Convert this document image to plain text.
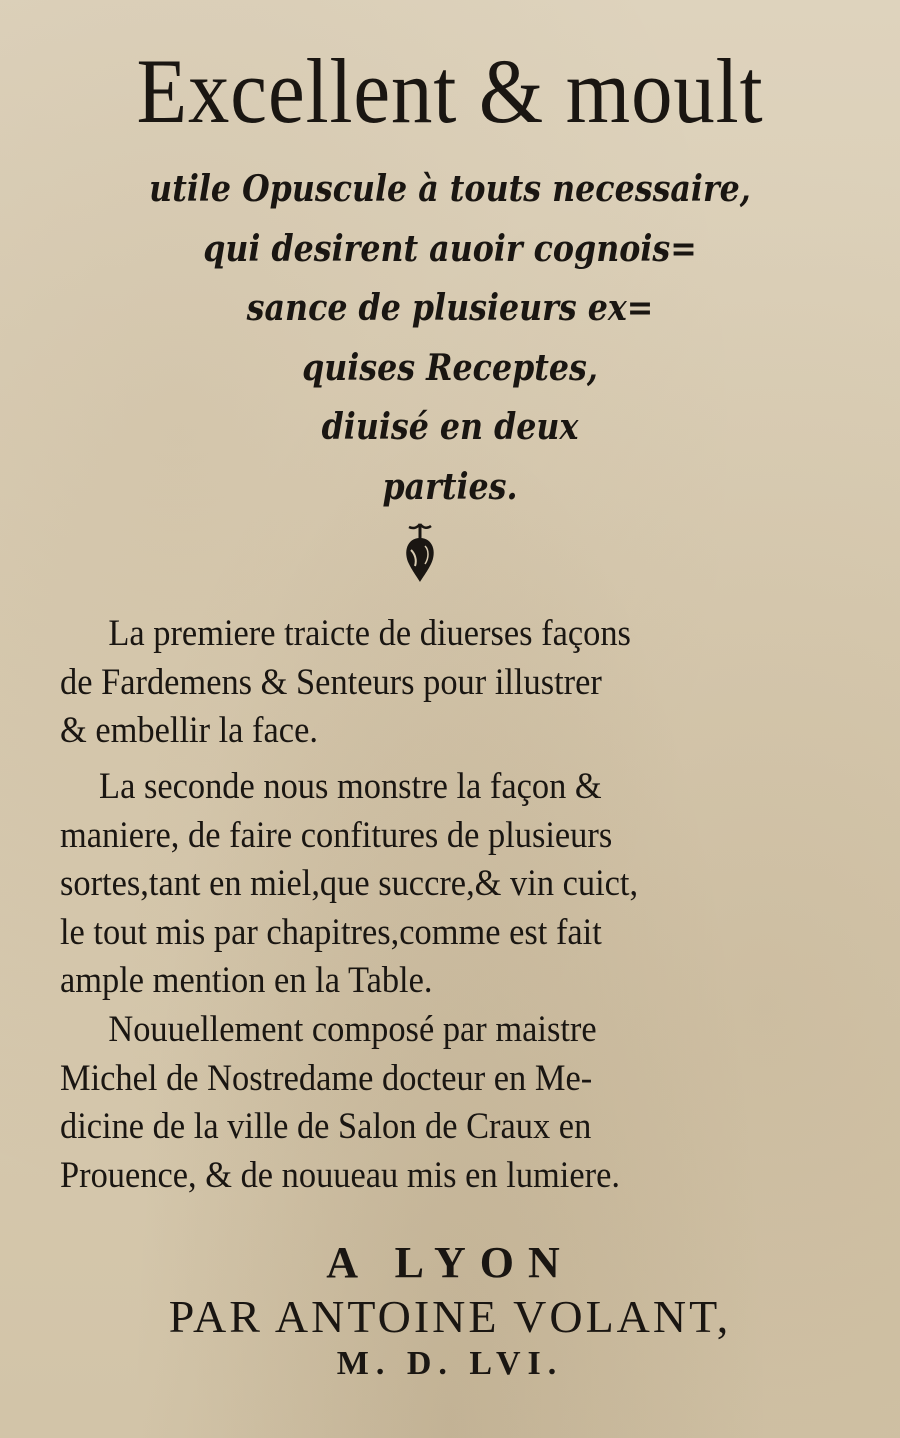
Excellent & moult
utile Opuscule à touts necessaire,
qui desirent auoir cognois=
sance de plusieurs ex=
quises Receptes,
diuisé en deux
parties.
La premiere traicte de diuerses façons
de Fardemens & Senteurs pour illustrer
& embellir la face.
La seconde nous monstre la façon &
maniere, de faire confitures de plusieurs
sortes,tant en miel,que succre,& vin cuict,
le tout mis par chapitres,comme est fait
ample mention en la Table.
Nouuellement composé par maistre
Michel de Nostredame docteur en Me-
dicine de la ville de Salon de Craux en
Prouence, & de nouueau mis en lumiere.
A LYON
PAR ANTOINE VOLANT,
M. D. LVI.
